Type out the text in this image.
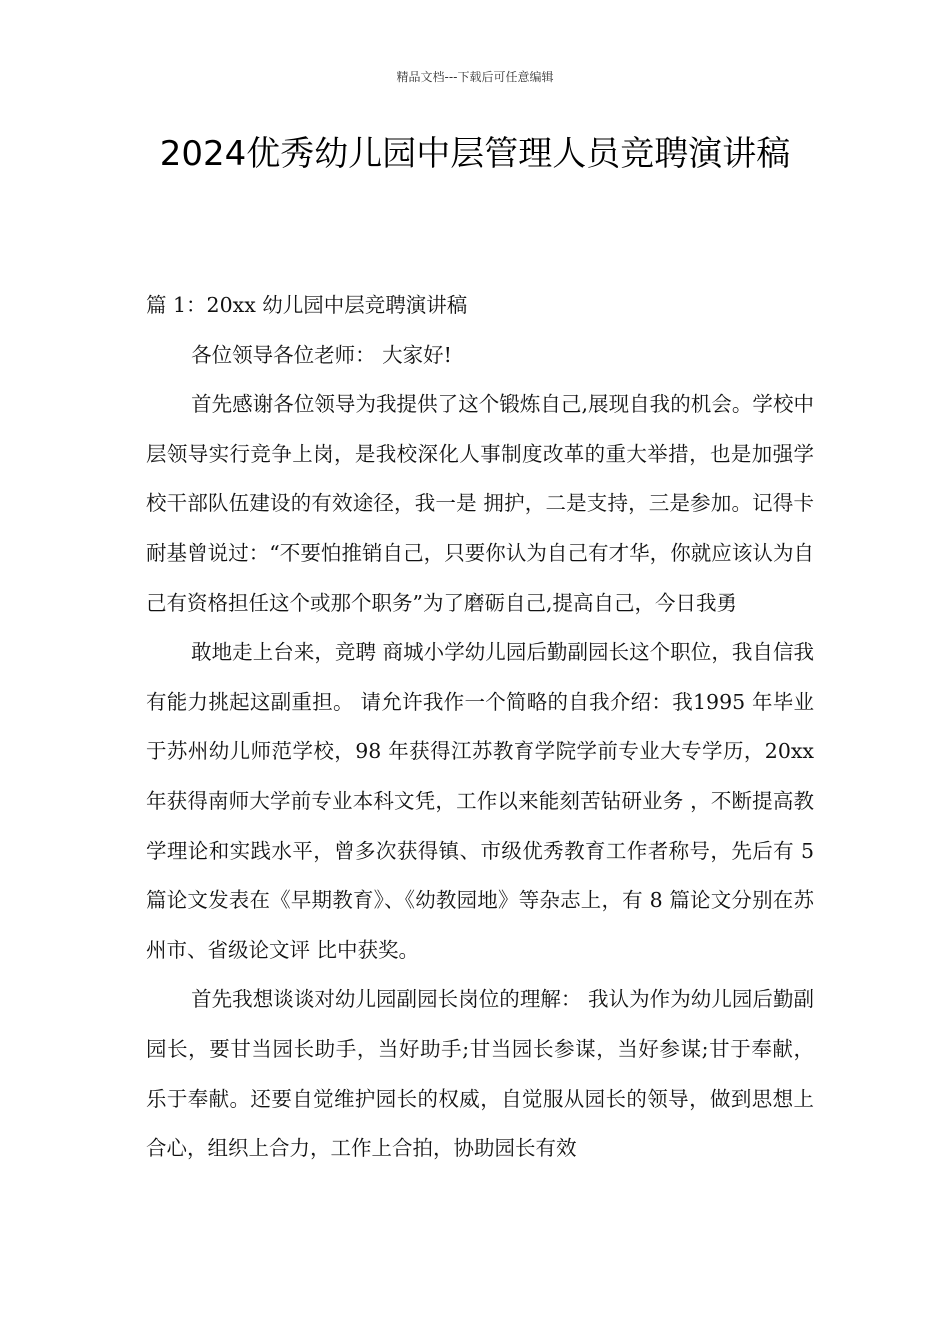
精品文档---下载后可任意编辑
2024优秀幼儿园中层管理人员竞聘演讲稿

篇 1：20xx 幼儿园中层竞聘演讲稿

各位领导各位老师： 大家好!

首先感谢各位领导为我提供了这个锻炼自己,展现自我的机会。学校中层领导实行竞争上岗，是我校深化人事制度改革的重大举措，也是加强学校干部队伍建设的有效途径，我一是 拥护，二是支持，三是参加。记得卡耐基曾说过：“不要怕推销自己，只要你认为自己有才华，你就应该认为自己有资格担任这个或那个职务”为了磨砺自己,提高自己，今日我勇

敢地走上台来，竞聘 商城小学幼儿园后勤副园长这个职位，我自信我有能力挑起这副重担。 请允许我作一个简略的自我介绍：我1995 年毕业于苏州幼儿师范学校，98 年获得江苏教育学院学前专业大专学历，20xx 年获得南师大学前专业本科文凭，工作以来能刻苦钻研业务 ，不断提高教学理论和实践水平，曾多次获得镇、市级优秀教育工作者称号，先后有 5 篇论文发表在《早期教育》、《幼教园地》等杂志上，有 8 篇论文分别在苏州市、省级论文评 比中获奖。

首先我想谈谈对幼儿园副园长岗位的理解： 我认为作为幼儿园后勤副园长，要甘当园长助手，当好助手;甘当园长参谋，当好参谋;甘于奉献，乐于奉献。还要自觉维护园长的权威，自觉服从园长的领导，做到思想上合心，组织上合力，工作上合拍，协助园长有效
